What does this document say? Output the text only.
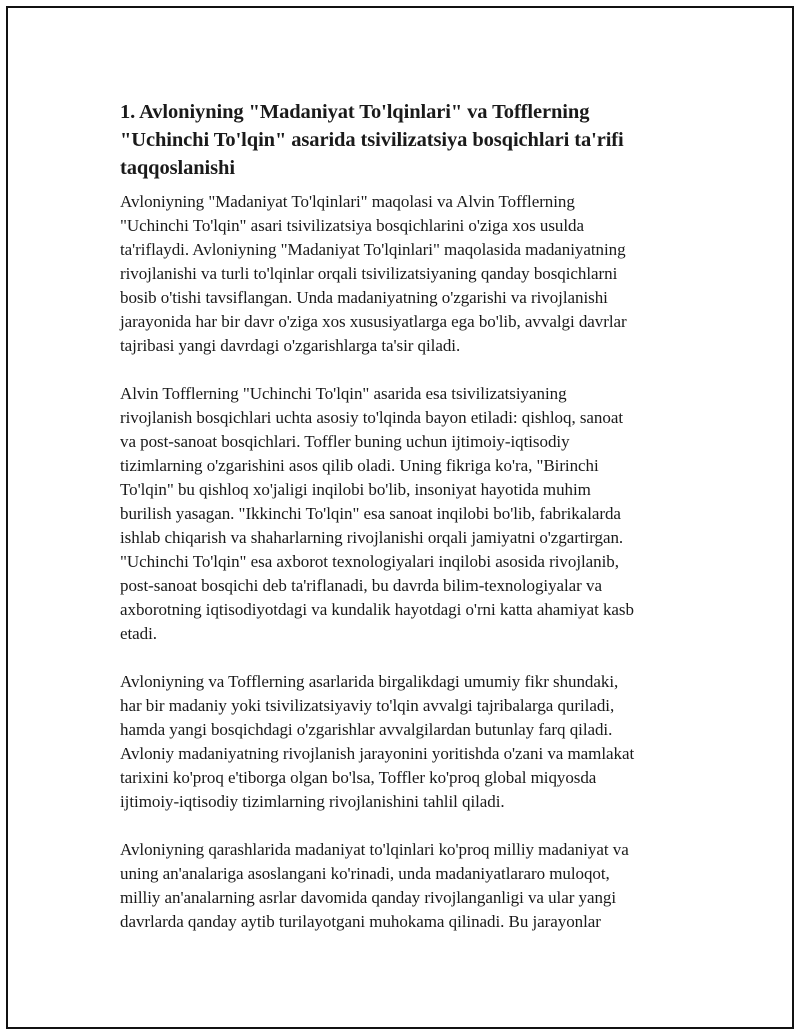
1. Avloniyning "Madaniyat To'lqinlari" va Tofflerning
"Uchinchi To'lqin" asarida tsivilizatsiya bosqichlari ta'rifi
taqqoslanishi

Avloniyning "Madaniyat To'lqinlari" maqolasi va Alvin Tofflerning
"Uchinchi To'lqin" asari tsivilizatsiya bosqichlarini o'ziga xos usulda
ta'riflaydi. Avloniyning "Madaniyat To'lqinlari" maqolasida madaniyatning
rivojlanishi va turli to'lqinlar orqali tsivilizatsiyaning qanday bosqichlarni
bosib o'tishi tavsiflangan. Unda madaniyatning o'zgarishi va rivojlanishi
jarayonida har bir davr o'ziga xos xususiyatlarga ega bo'lib, avvalgi davrlar
tajribasi yangi davrdagi o'zgarishlarga ta'sir qiladi.

Alvin Tofflerning "Uchinchi To'lqin" asarida esa tsivilizatsiyaning
rivojlanish bosqichlari uchta asosiy to'lqinda bayon etiladi: qishloq, sanoat
va post-sanoat bosqichlari. Toffler buning uchun ijtimoiy-iqtisodiy
tizimlarning o'zgarishini asos qilib oladi. Uning fikriga ko'ra, "Birinchi
To'lqin" bu qishloq xo'jaligi inqilobi bo'lib, insoniyat hayotida muhim
burilish yasagan. "Ikkinchi To'lqin" esa sanoat inqilobi bo'lib, fabrikalarda
ishlab chiqarish va shaharlarning rivojlanishi orqali jamiyatni o'zgartirgan.
"Uchinchi To'lqin" esa axborot texnologiyalari inqilobi asosida rivojlanib,
post-sanoat bosqichi deb ta'riflanadi, bu davrda bilim-texnologiyalar va
axborotning iqtisodiyotdagi va kundalik hayotdagi o'rni katta ahamiyat kasb
etadi.

Avloniyning va Tofflerning asarlarida birgalikdagi umumiy fikr shundaki,
har bir madaniy yoki tsivilizatsiyaviy to'lqin avvalgi tajribalarga quriladi,
hamda yangi bosqichdagi o'zgarishlar avvalgilardan butunlay farq qiladi.
Avloniy madaniyatning rivojlanish jarayonini yoritishda o'zani va mamlakat
tarixini ko'proq e'tiborga olgan bo'lsa, Toffler ko'proq global miqyosda
ijtimoiy-iqtisodiy tizimlarning rivojlanishini tahlil qiladi.

Avloniyning qarashlarida madaniyat to'lqinlari ko'proq milliy madaniyat va
uning an'analariga asoslangani ko'rinadi, unda madaniyatlararo muloqot,
milliy an'analarning asrlar davomida qanday rivojlanganligi va ular yangi
davrlarda qanday aytib turilayotgani muhokama qilinadi. Bu jarayonlar
